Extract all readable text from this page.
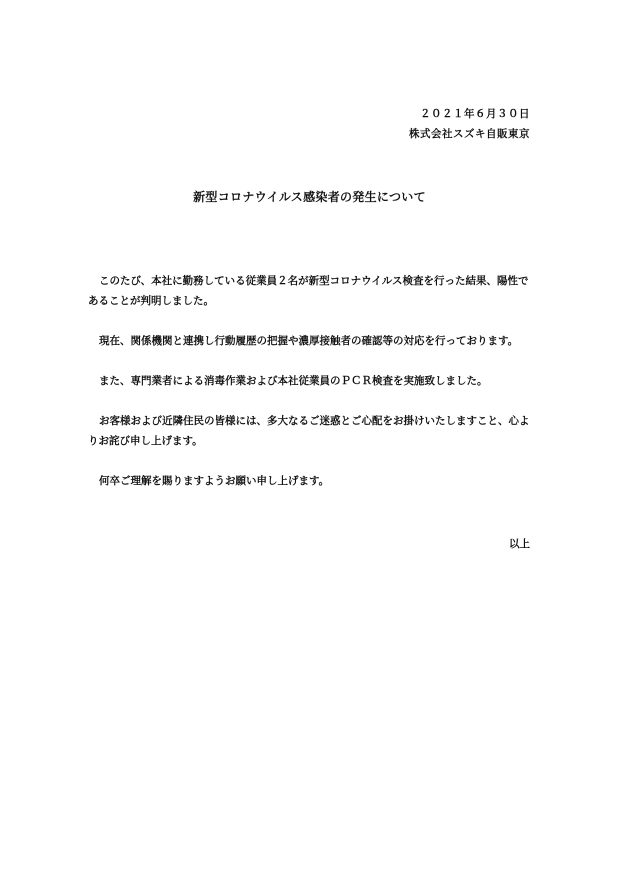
２０２１年６月３０日
株式会社スズキ自販東京
新型コロナウイルス感染者の発生について

このたび、本社に勤務している従業員２名が新型コロナウイルス検査を行った結果、陽性であることが判明しました。

現在、関係機関と連携し行動履歴の把握や濃厚接触者の確認等の対応を行っております。

また、専門業者による消毒作業および本社従業員のＰＣＲ検査を実施致しました。

お客様および近隣住民の皆様には、多大なるご迷惑とご心配をお掛けいたしますこと、心よりお詫び申し上げます。

何卒ご理解を賜りますようお願い申し上げます。

以上
